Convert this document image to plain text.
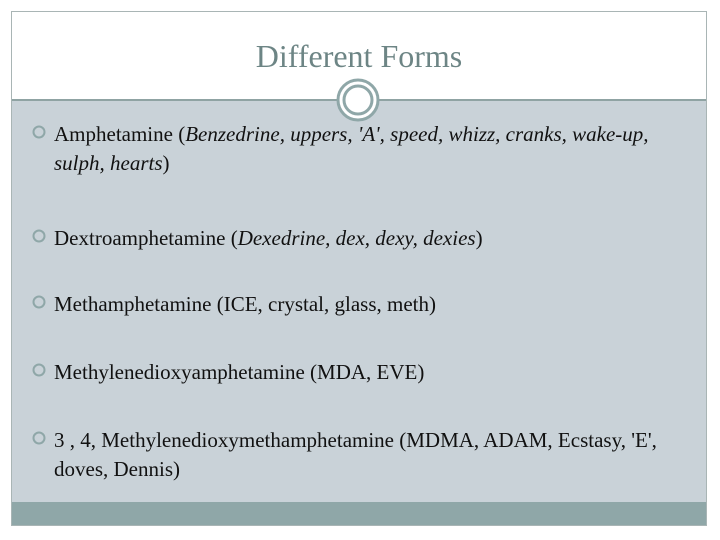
Different Forms
Amphetamine (Benzedrine, uppers, 'A', speed, whizz, cranks, wake-up, sulph, hearts)
Dextroamphetamine (Dexedrine, dex, dexy, dexies)
Methamphetamine (ICE, crystal, glass, meth)
Methylenedioxyamphetamine (MDA, EVE)
3 , 4, Methylenedioxymethamphetamine (MDMA, ADAM, Ecstasy, 'E', doves, Dennis)
